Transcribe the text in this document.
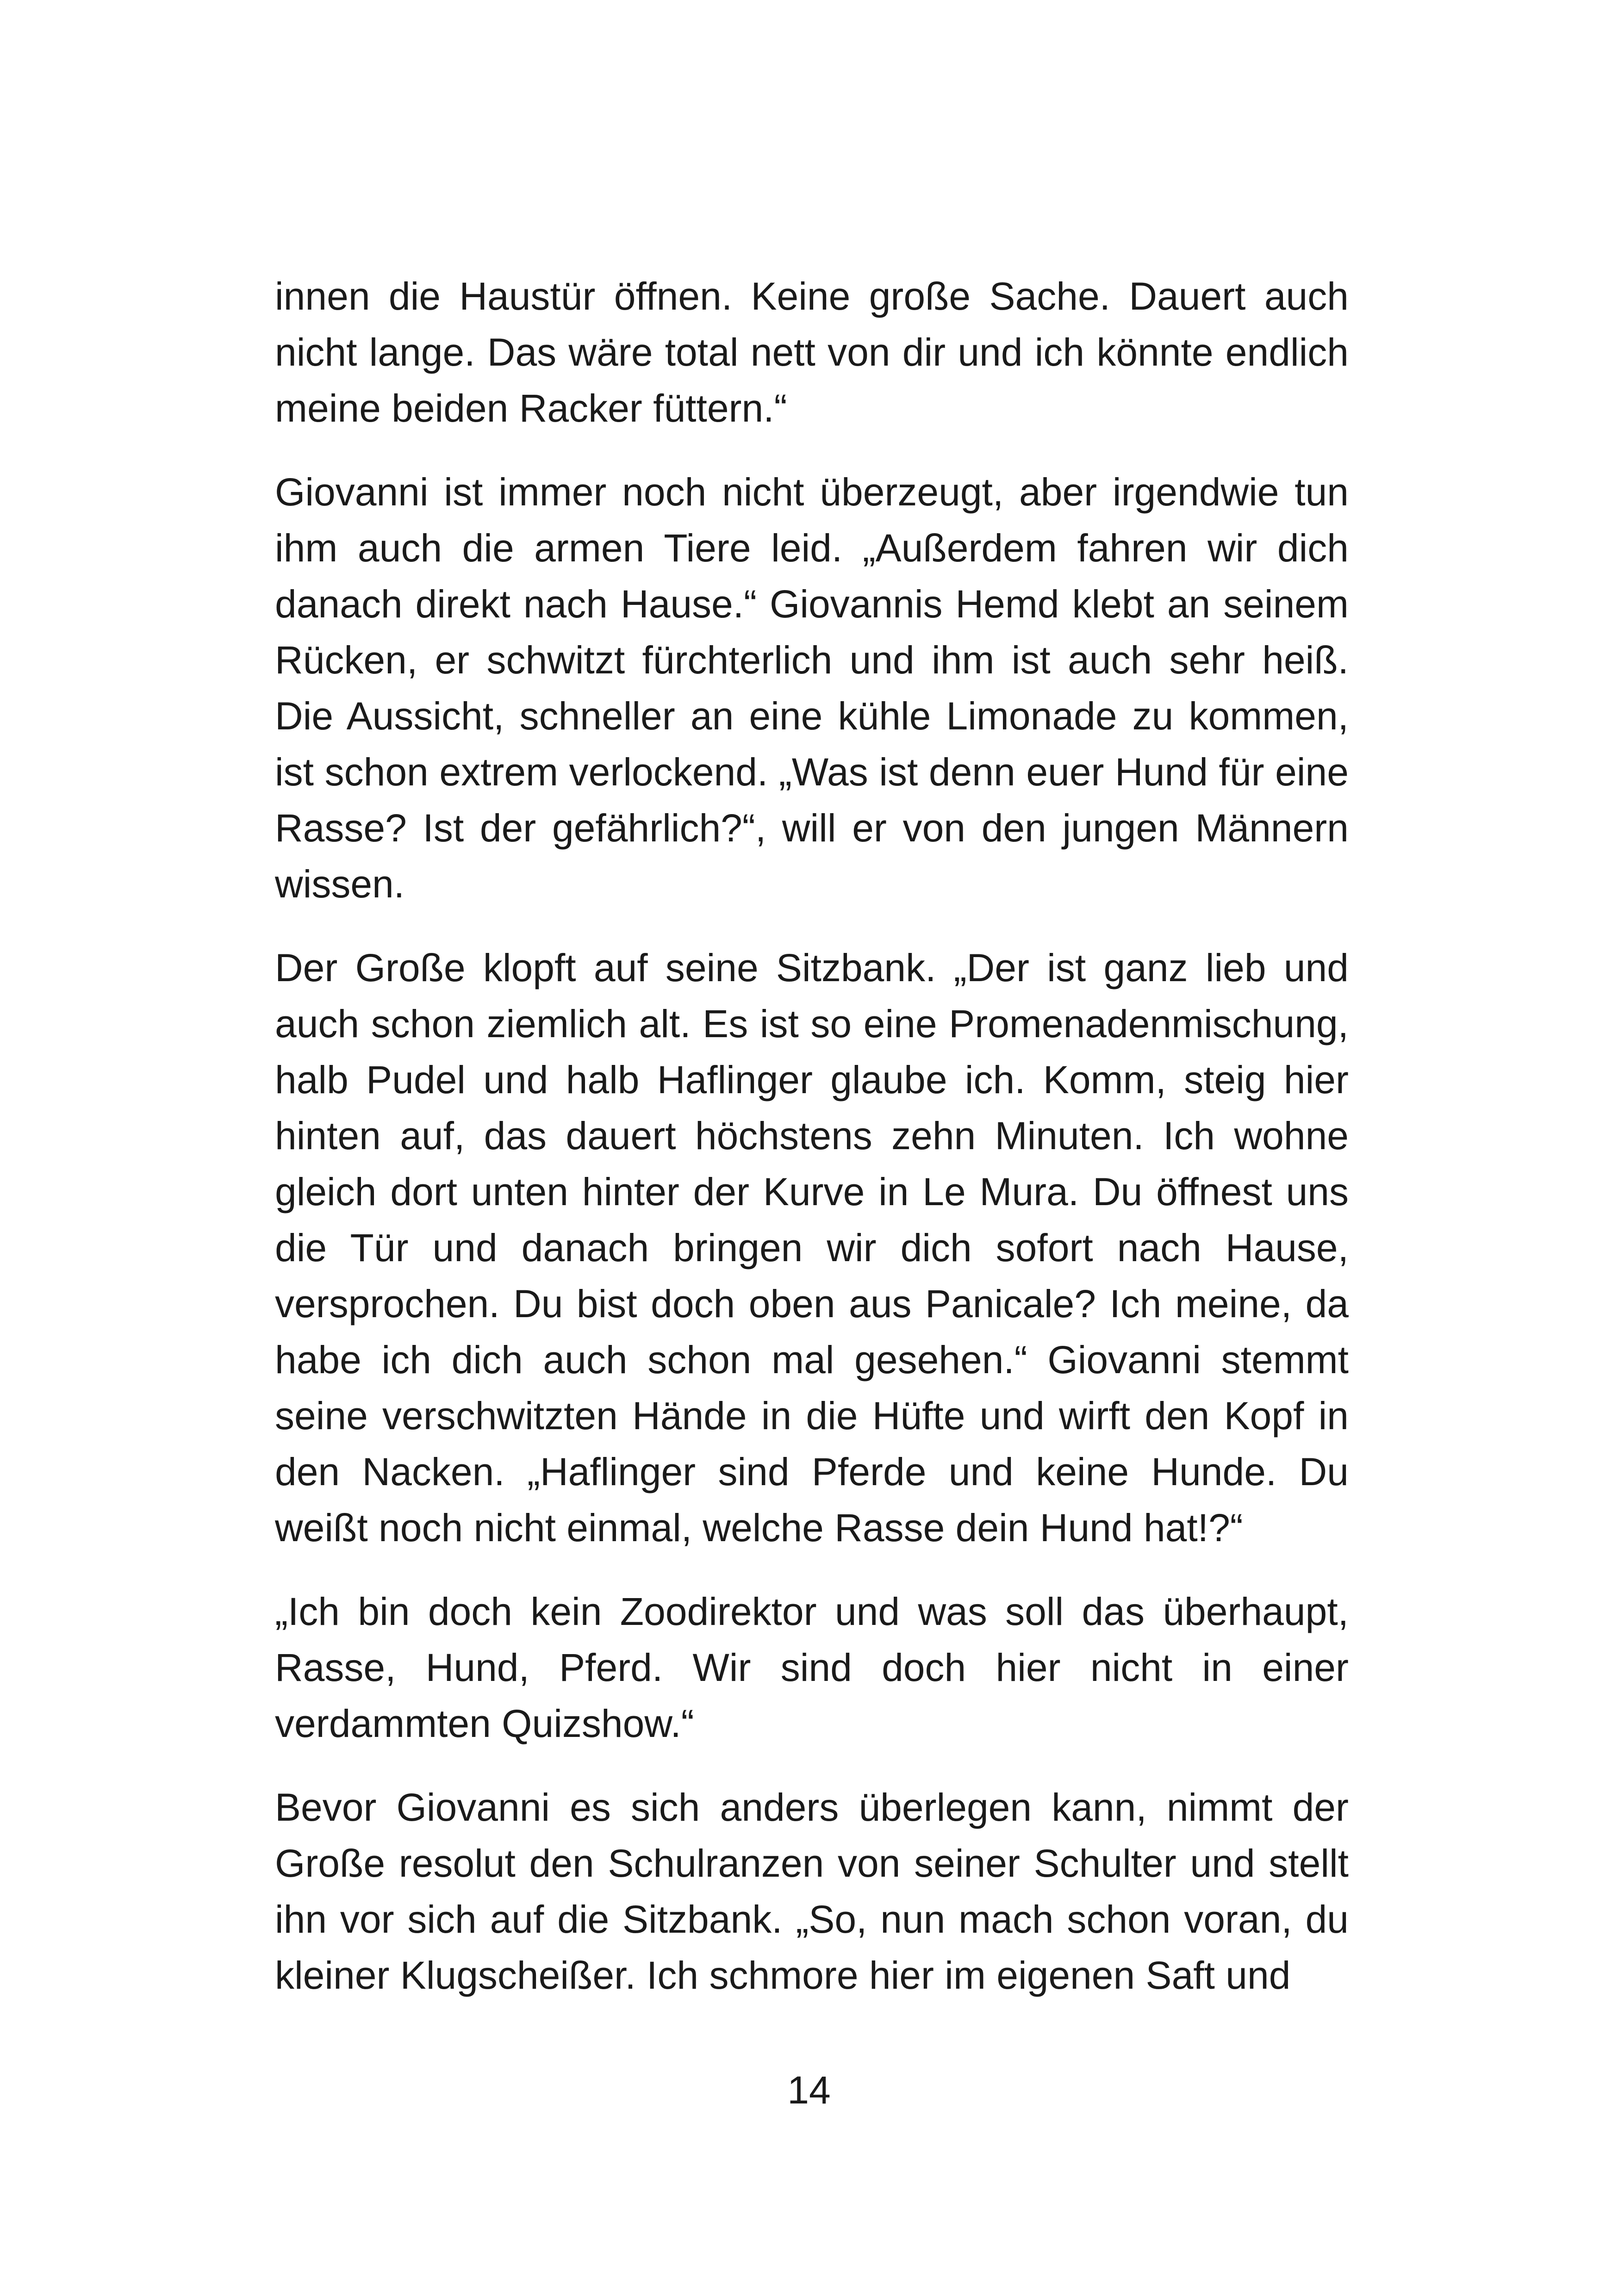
innen die Haustür öffnen. Keine große Sache. Dauert auch nicht lange. Das wäre total nett von dir und ich könnte endlich meine beiden Racker füttern.“

Giovanni ist immer noch nicht überzeugt, aber irgendwie tun ihm auch die armen Tiere leid. „Außerdem fahren wir dich danach direkt nach Hause.“ Giovannis Hemd klebt an seinem Rücken, er schwitzt fürchterlich und ihm ist auch sehr heiß. Die Aussicht, schneller an eine kühle Limonade zu kommen, ist schon extrem verlockend. „Was ist denn euer Hund für eine Rasse? Ist der gefährlich?“, will er von den jungen Männern wissen.

Der Große klopft auf seine Sitzbank. „Der ist ganz lieb und auch schon ziemlich alt. Es ist so eine Promenadenmischung, halb Pudel und halb Haflinger glaube ich. Komm, steig hier hinten auf, das dauert höchstens zehn Minuten. Ich wohne gleich dort unten hinter der Kurve in Le Mura. Du öffnest uns die Tür und danach bringen wir dich sofort nach Hause, versprochen. Du bist doch oben aus Panicale? Ich meine, da habe ich dich auch schon mal gesehen.“ Giovanni stemmt seine verschwitzten Hände in die Hüfte und wirft den Kopf in den Nacken. „Haflinger sind Pferde und keine Hunde. Du weißt noch nicht einmal, welche Rasse dein Hund hat!?“

„Ich bin doch kein Zoodirektor und was soll das überhaupt, Rasse, Hund, Pferd. Wir sind doch hier nicht in einer verdammten Quizshow.“

Bevor Giovanni es sich anders überlegen kann, nimmt der Große resolut den Schulranzen von seiner Schulter und stellt ihn vor sich auf die Sitzbank. „So, nun mach schon voran, du kleiner Klugscheißer. Ich schmore hier im eigenen Saft und

14
